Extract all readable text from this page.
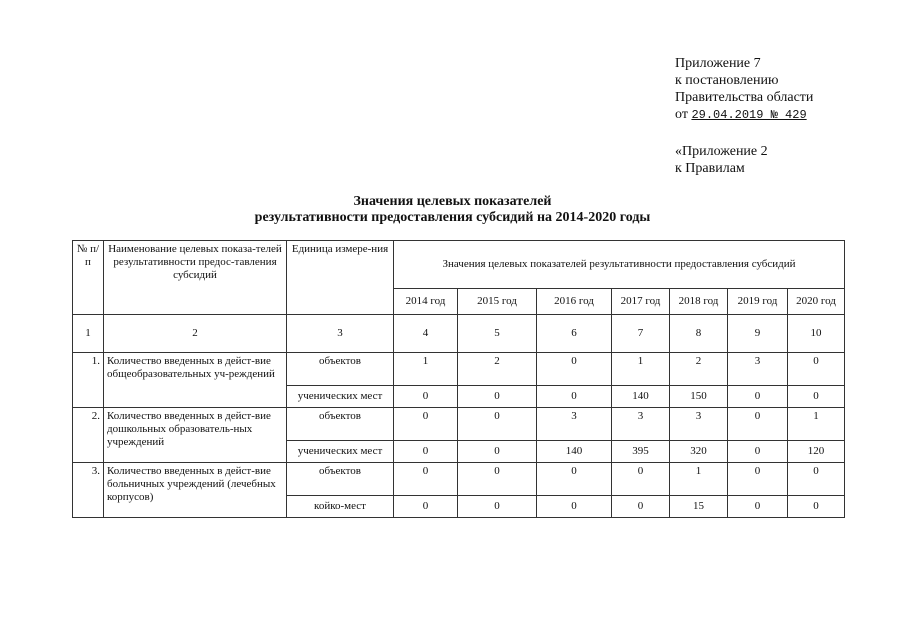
Приложение 7
к постановлению
Правительства области
от 29.04.2019 № 429
«Приложение 2
к Правилам
Значения целевых показателей
результативности предоставления субсидий на 2014-2020 годы
№ п/п	Наименование целевых показа-телей результативности предос-тавления субсидий	Единица измере-ния	Значения целевых показателей результативности предоставления субсидий						
			2014 год	2015 год	2016 год	2017 год	2018 год	2019 год	2020 год
1	2	3	4	5	6	7	8	9	10
1.	Количество введенных в дейст-вие общеобразовательных уч-реждений	объектов	1	2	0	1	2	3	0
		ученических мест	0	0	0	140	150	0	0
2.	Количество введенных в дейст-вие дошкольных образователь-ных учреждений	объектов	0	0	3	3	3	0	1
		ученических мест	0	0	140	395	320	0	120
3.	Количество введенных в дейст-вие больничных учреждений (лечебных корпусов)	объектов	0	0	0	0	1	0	0
		койко-мест	0	0	0	0	15	0	0
